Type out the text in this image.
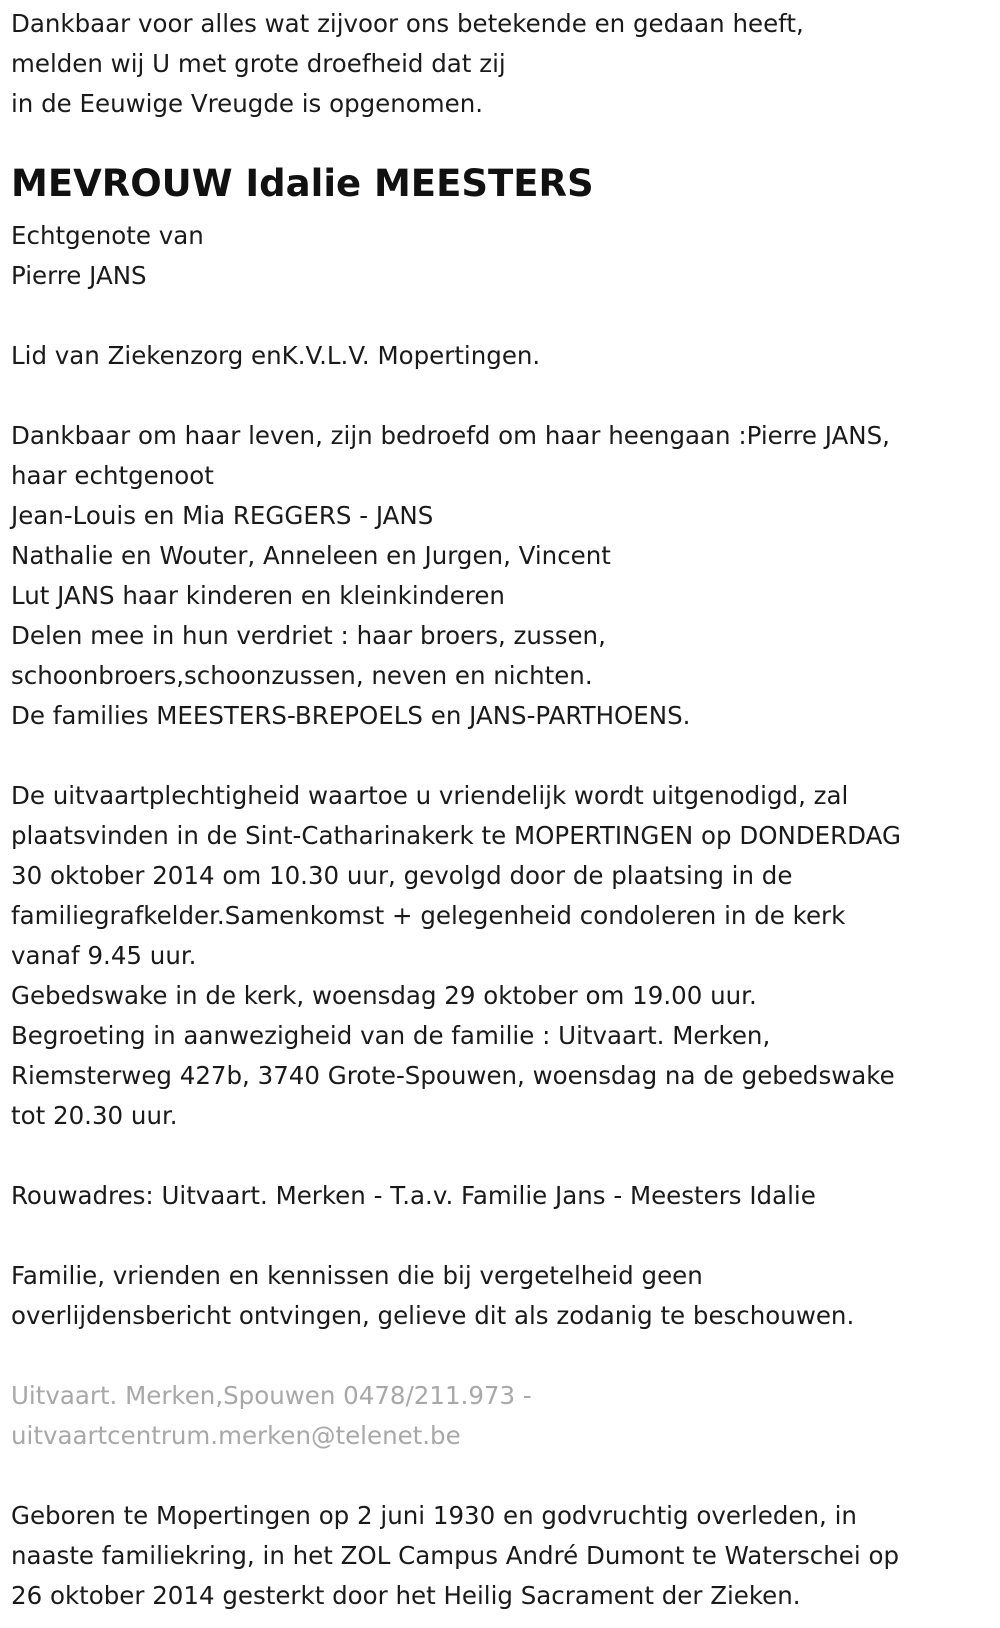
Dankbaar voor alles wat zijvoor ons betekende en gedaan heeft,

melden wij U met grote droefheid dat zij

in de Eeuwige Vreugde is opgenomen.

MEVROUW Idalie MEESTERS

Echtgenote van

Pierre JANS

Lid van Ziekenzorg enK.V.L.V. Mopertingen.

Dankbaar om haar leven, zijn bedroefd om haar heengaan :Pierre JANS,

haar echtgenoot

Jean-Louis en Mia REGGERS - JANS

Nathalie en Wouter, Anneleen en Jurgen, Vincent

Lut JANS haar kinderen en kleinkinderen

Delen mee in hun verdriet : haar broers, zussen,

schoonbroers,schoonzussen, neven en nichten.

De families MEESTERS-BREPOELS en JANS-PARTHOENS.

De uitvaartplechtigheid waartoe u vriendelijk wordt uitgenodigd, zal

plaatsvinden in de Sint-Catharinakerk te MOPERTINGEN op DONDERDAG

30 oktober 2014 om 10.30 uur, gevolgd door de plaatsing in de

familiegrafkelder.Samenkomst + gelegenheid condoleren in de kerk

vanaf 9.45 uur.

Gebedswake in de kerk, woensdag 29 oktober om 19.00 uur.

Begroeting in aanwezigheid van de familie : Uitvaart. Merken,

Riemsterweg 427b, 3740 Grote-Spouwen, woensdag na de gebedswake

tot 20.30 uur.

Rouwadres: Uitvaart. Merken - T.a.v. Familie Jans - Meesters Idalie

Familie, vrienden en kennissen die bij vergetelheid geen

overlijdensbericht ontvingen, gelieve dit als zodanig te beschouwen.

Uitvaart. Merken,Spouwen 0478/211.973 -

uitvaartcentrum.merken@telenet.be

Geboren te Mopertingen op 2 juni 1930 en godvruchtig overleden, in

naaste familiekring, in het ZOL Campus André Dumont te Waterschei op

26 oktober 2014 gesterkt door het Heilig Sacrament der Zieken.
